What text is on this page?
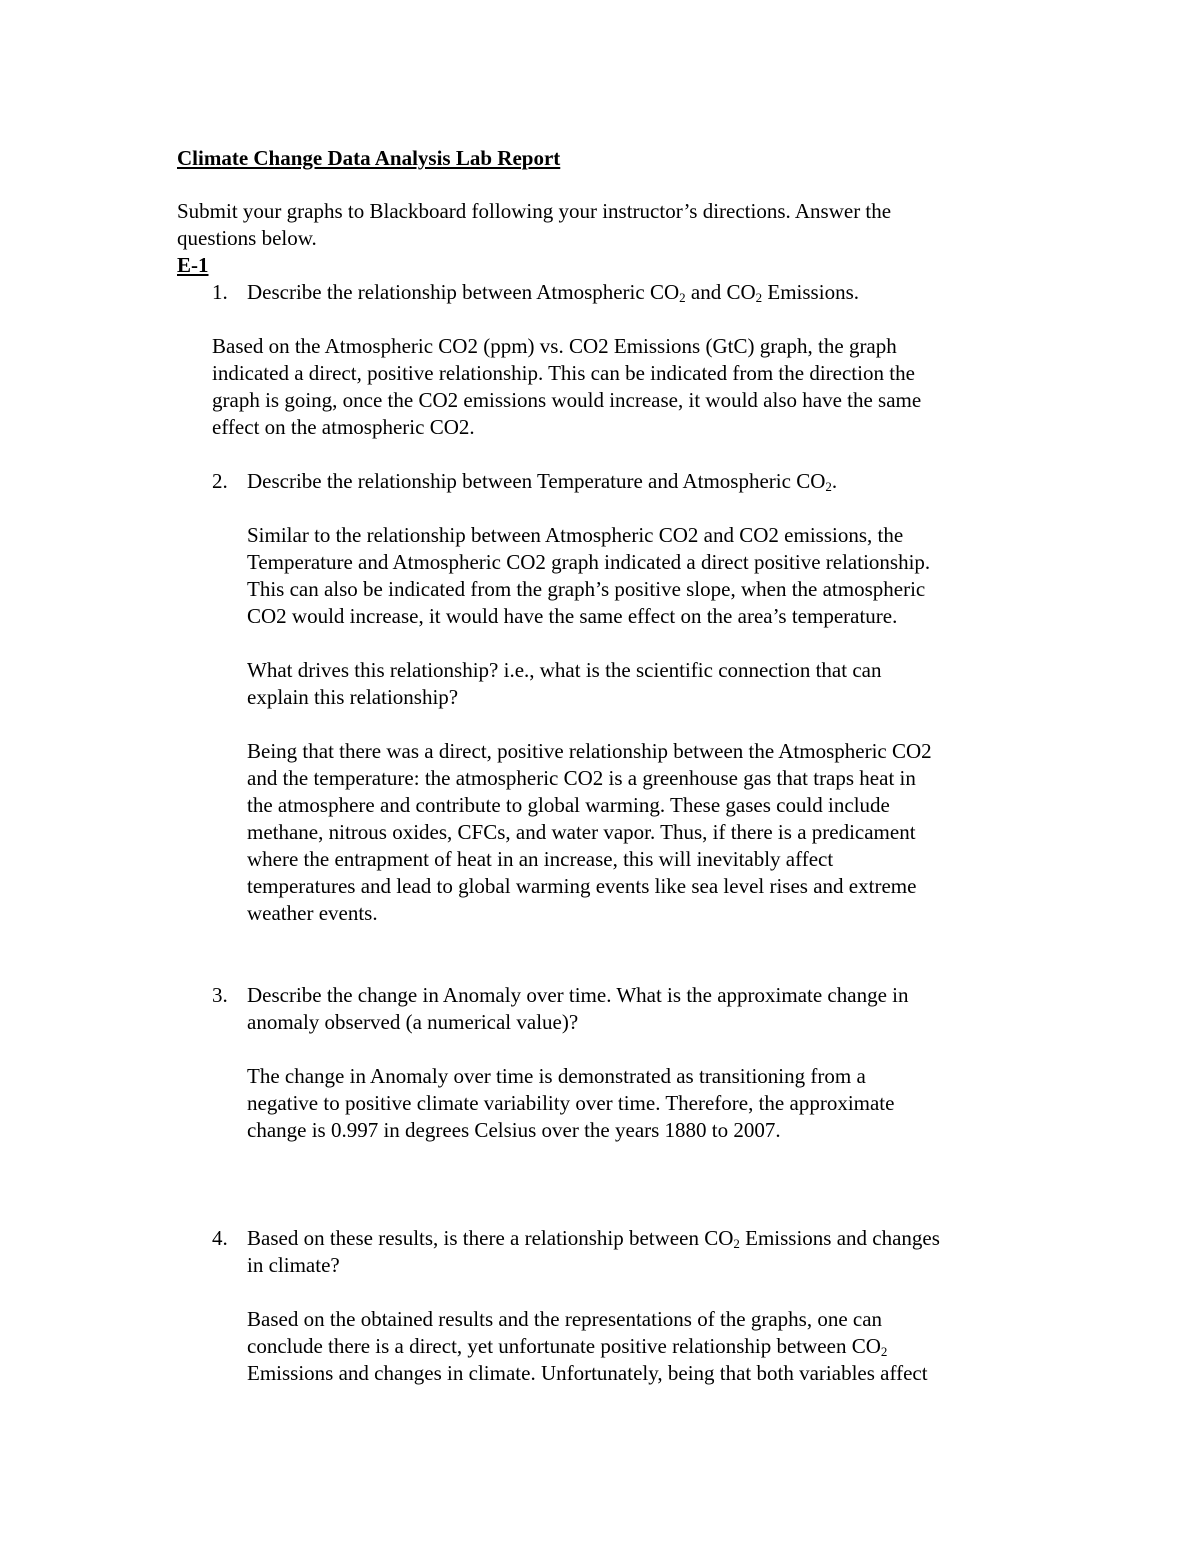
Climate Change Data Analysis Lab Report
Submit your graphs to Blackboard following your instructor’s directions. Answer the
questions below.
E-1
1. Describe the relationship between Atmospheric $CO_2$ and $CO_2$ Emissions.
Based on the Atmospheric CO2 (ppm) vs. CO2 Emissions (GtC) graph, the graph
indicated a direct, positive relationship. This can be indicated from the direction the
graph is going, once the CO2 emissions would increase, it would also have the same
effect on the atmospheric CO2.
2. Describe the relationship between Temperature and Atmospheric $CO_2$.
Similar to the relationship between Atmospheric CO2 and CO2 emissions, the
Temperature and Atmospheric CO2 graph indicated a direct positive relationship.
This can also be indicated from the graph’s positive slope, when the atmospheric
CO2 would increase, it would have the same effect on the area’s temperature.
What drives this relationship? i.e., what is the scientific connection that can
explain this relationship?
Being that there was a direct, positive relationship between the Atmospheric CO2
and the temperature: the atmospheric CO2 is a greenhouse gas that traps heat in
the atmosphere and contribute to global warming. These gases could include
methane, nitrous oxides, CFCs, and water vapor. Thus, if there is a predicament
where the entrapment of heat in an increase, this will inevitably affect
temperatures and lead to global warming events like sea level rises and extreme
weather events.
3. Describe the change in Anomaly over time. What is the approximate change in
anomaly observed (a numerical value)?
The change in Anomaly over time is demonstrated as transitioning from a
negative to positive climate variability over time. Therefore, the approximate
change is 0.997 in degrees Celsius over the years 1880 to 2007.
4. Based on these results, is there a relationship between $CO_2$ Emissions and changes
in climate?
Based on the obtained results and the representations of the graphs, one can
conclude there is a direct, yet unfortunate positive relationship between $CO_2$
Emissions and changes in climate. Unfortunately, being that both variables affect
